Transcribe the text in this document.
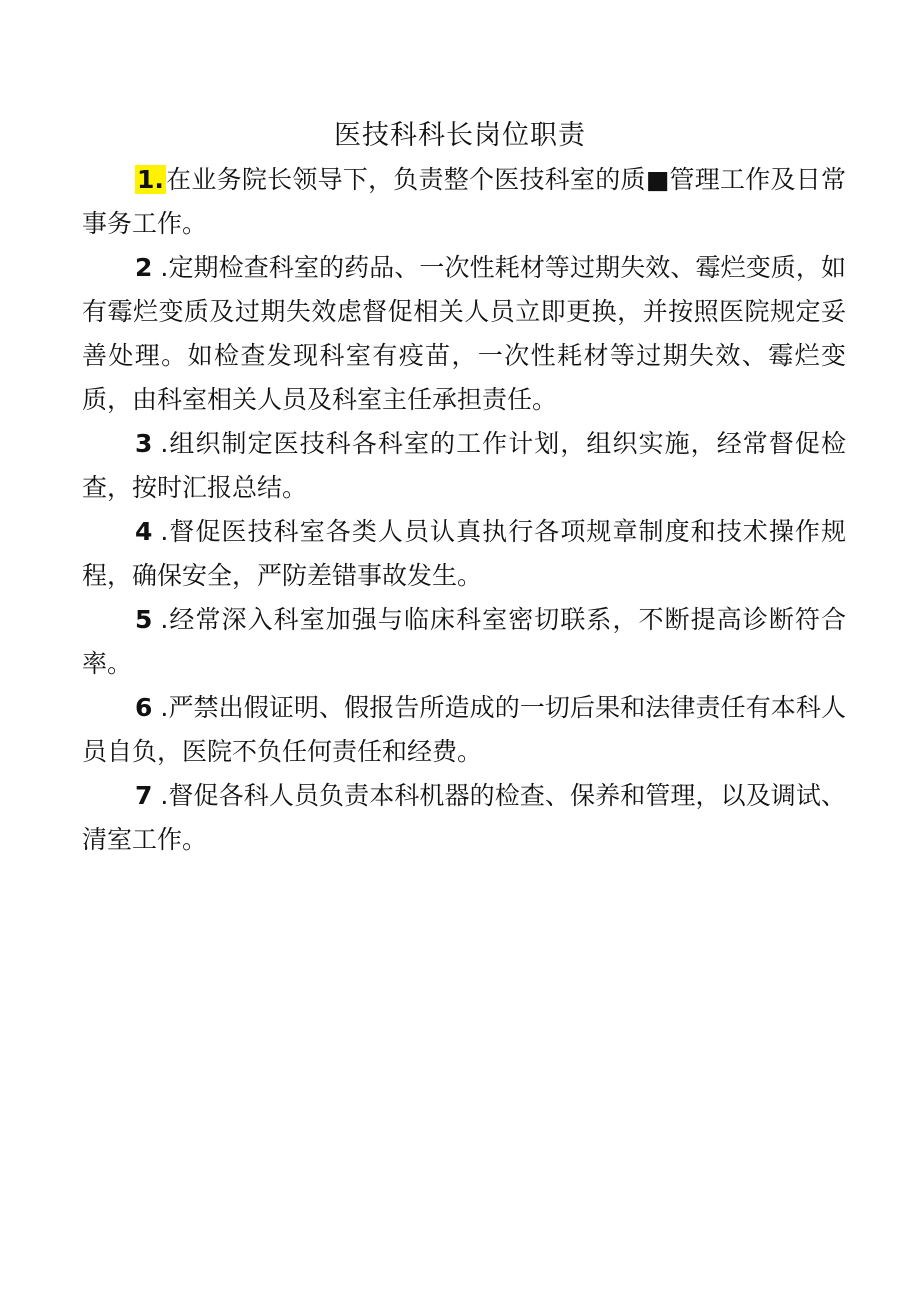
医技科科长岗位职责

1.在业务院长领导下，负责整个医技科室的质■管理工作及日常事务工作。

2 .定期检查科室的药品、一次性耗材等过期失效、霉烂变质，如有霉烂变质及过期失效虑督促相关人员立即更换，并按照医院规定妥善处理。如检查发现科室有疫苗，一次性耗材等过期失效、霉烂变质，由科室相关人员及科室主任承担责任。

3 .组织制定医技科各科室的工作计划，组织实施，经常督促检查，按时汇报总结。

4 .督促医技科室各类人员认真执行各项规章制度和技术操作规程，确保安全，严防差错事故发生。

5 .经常深入科室加强与临床科室密切联系，不断提高诊断符合率。

6 .严禁出假证明、假报告所造成的一切后果和法律责任有本科人员自负，医院不负任何责任和经费。

7 .督促各科人员负责本科机器的检查、保养和管理，以及调试、清室工作。
